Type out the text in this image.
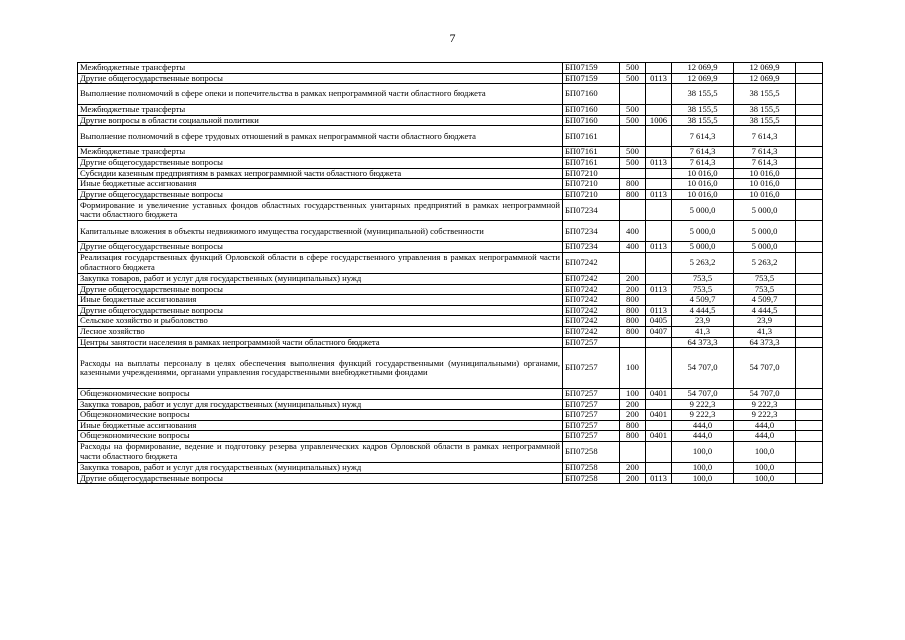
7
Межбюджетные трансферты	БП07159	500		12 069,9	12 069,9	
Другие общегосударственные вопросы	БП07159	500	0113	12 069,9	12 069,9	
Выполнение полномочий в сфере опеки и попечительства в рамках непрограммной части областного бюджета	БП07160			38 155,5	38 155,5	
Межбюджетные трансферты	БП07160	500		38 155,5	38 155,5	
Другие вопросы в области социальной политики	БП07160	500	1006	38 155,5	38 155,5	
Выполнение полномочий в сфере трудовых отношений в рамках непрограммной части областного бюджета	БП07161			7 614,3	7 614,3	
Межбюджетные трансферты	БП07161	500		7 614,3	7 614,3	
Другие общегосударственные вопросы	БП07161	500	0113	7 614,3	7 614,3	
Субсидии казенным предприятиям в рамках непрограммной части областного бюджета	БП07210			10 016,0	10 016,0	
Иные бюджетные ассигнования	БП07210	800		10 016,0	10 016,0	
Другие общегосударственные вопросы	БП07210	800	0113	10 016,0	10 016,0	
Формирование и увеличение уставных фондов областных государственных унитарных предприятий в рамках непрограммной части областного бюджета	БП07234			5 000,0	5 000,0	
Капитальные вложения в объекты недвижимого имущества государственной (муниципальной) собственности	БП07234	400		5 000,0	5 000,0	
Другие общегосударственные вопросы	БП07234	400	0113	5 000,0	5 000,0	
Реализация государственных функций Орловской области в сфере государственного управления в рамках непрограммной части областного бюджета	БП07242			5 263,2	5 263,2	
Закупка товаров, работ и услуг для государственных (муниципальных) нужд	БП07242	200		753,5	753,5	
Другие общегосударственные вопросы	БП07242	200	0113	753,5	753,5	
Иные бюджетные ассигнования	БП07242	800		4 509,7	4 509,7	
Другие общегосударственные вопросы	БП07242	800	0113	4 444,5	4 444,5	
Сельское хозяйство и рыболовство	БП07242	800	0405	23,9	23,9	
Лесное хозяйство	БП07242	800	0407	41,3	41,3	
Центры занятости населения в рамках непрограммной части областного бюджета	БП07257			64 373,3	64 373,3	
Расходы на выплаты персоналу в целях обеспечения выполнения функций государственными (муниципальными) органами, казенными учреждениями, органами управления государственными внебюджетными фондами	БП07257	100		54 707,0	54 707,0	
Общеэкономические вопросы	БП07257	100	0401	54 707,0	54 707,0	
Закупка товаров, работ и услуг для государственных (муниципальных) нужд	БП07257	200		9 222,3	9 222,3	
Общеэкономические вопросы	БП07257	200	0401	9 222,3	9 222,3	
Иные бюджетные ассигнования	БП07257	800		444,0	444,0	
Общеэкономические вопросы	БП07257	800	0401	444,0	444,0	
Расходы на формирование, ведение и подготовку резерва управленческих кадров Орловской области в рамках непрограммной части областного бюджета	БП07258			100,0	100,0	
Закупка товаров, работ и услуг для государственных (муниципальных) нужд	БП07258	200		100,0	100,0	
Другие общегосударственные вопросы	БП07258	200	0113	100,0	100,0	
